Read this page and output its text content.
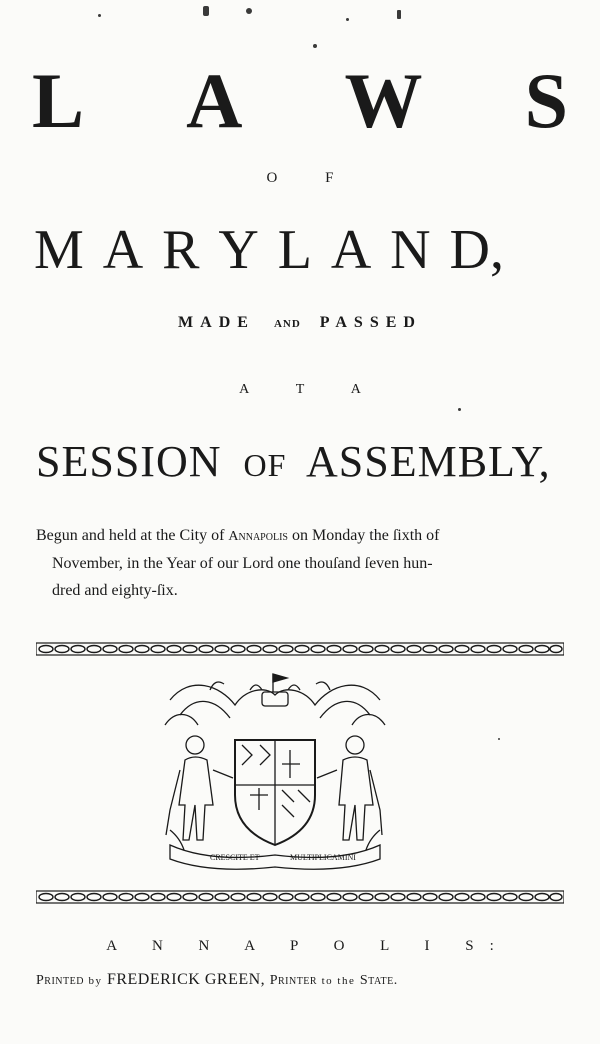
L A W S
O F
M A R Y L A N D,
MADE AND PASSED
A T A
SESSION OF ASSEMBLY,
Begun and held at the City of Annapolis on Monday the ſixth of
November, in the Year of our Lord one thouſand ſeven hun-
dred and eighty-ſix.
CRESCITE ET	MULTIPLICAMINI
A N N A P O L I S:
Printed by FREDERICK GREEN, Printer to the State.
